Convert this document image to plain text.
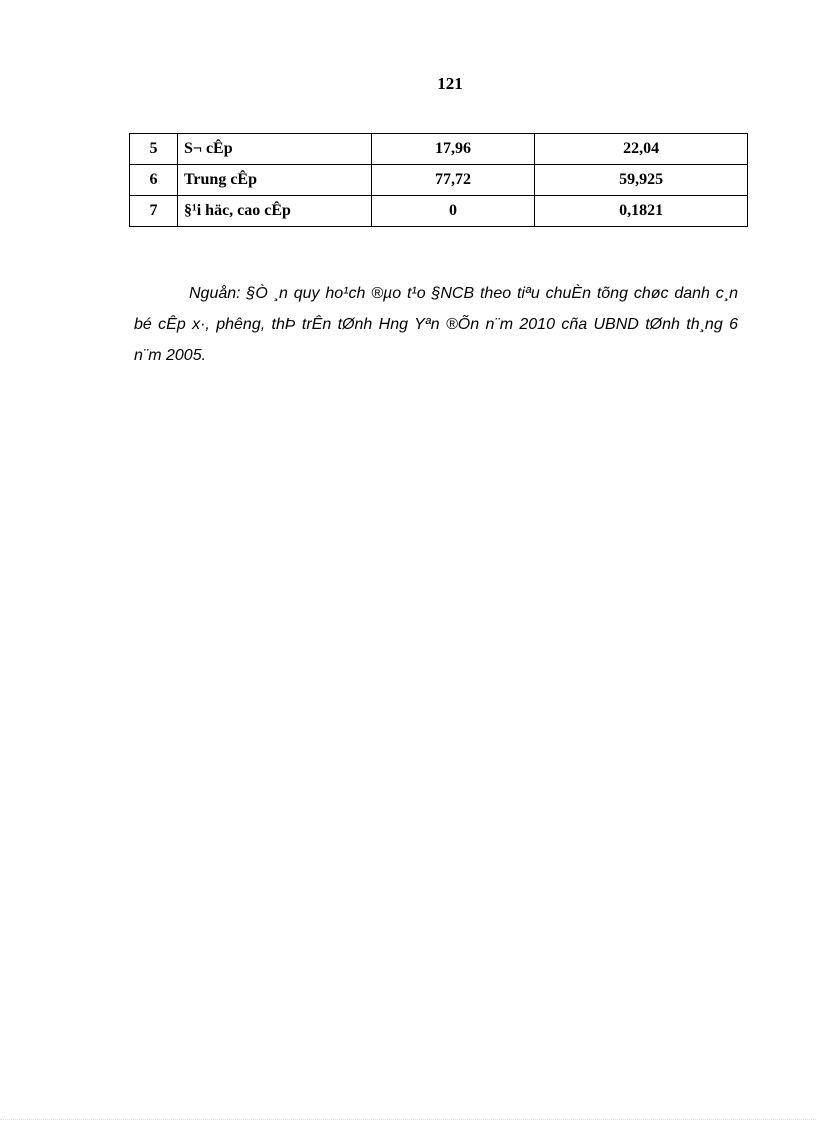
121
5	S¬ cÊp	17,96	22,04
6	Trung cÊp	77,72	59,925
7	§¹i häc, cao cÊp	0	0,1821

Nguån: §Ò ¸n quy ho¹ch ®µo t¹o §NCB theo tiªu chuÈn tõng chøc danh c¸n bé cÊp x·, phêng, thÞ trÊn tØnh Hng Yªn ®Õn n¨m 2010 cña UBND tØnh th¸ng 6 n¨m 2005.
